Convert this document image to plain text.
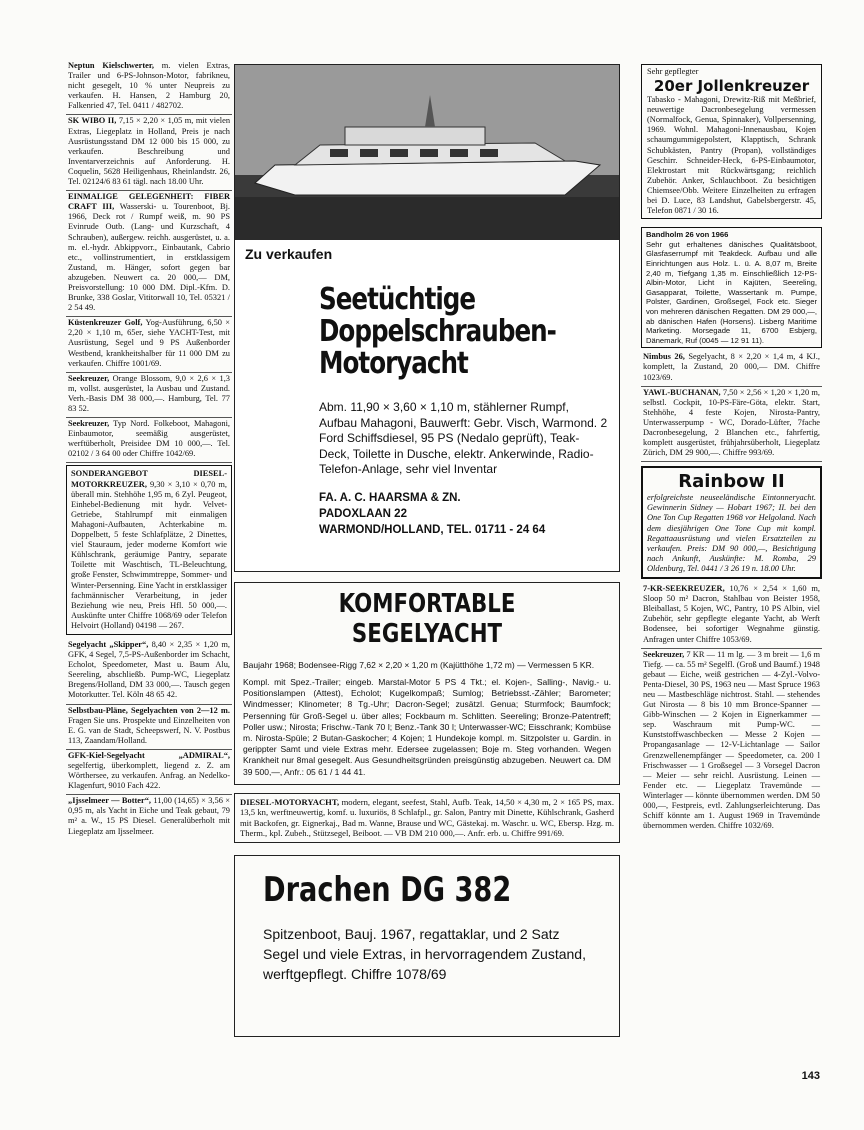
Neptun Kielschwerter, m. vielen Extras, Trailer und 6-PS-Johnson-Motor, fabrikneu, nicht gesegelt, 10 % unter Neupreis zu verkaufen. H. Hansen, 2 Hamburg 20, Falkenried 47, Tel. 0411 / 482702.
SK WIBO II, 7,15 × 2,20 × 1,05 m, mit vielen Extras, Liegeplatz in Holland, Preis je nach Ausrüstungsstand DM 12 000 bis 15 000, zu verkaufen. Beschreibung und Inventarverzeichnis auf Anforderung. H. Coquelin, 5628 Heiligenhaus, Rheinlandstr. 26, Tel. 02124/6 83 61 tägl. nach 18.00 Uhr.
EINMALIGE GELEGENHEIT: FIBER CRAFT III, Wasserski- u. Tourenboot, Bj. 1966, Deck rot / Rumpf weiß, m. 90 PS Evinrude Outb. (Lang- und Kurzschaft, 4 Schrauben), außergew. reichh. ausgerüstet, u. a. m. el.-hydr. Abkippvorr., Einbautank, Cabrio etc., vollinstrumentiert, in erstklassigem Zustand, m. Hänger, sofort gegen bar abzugeben. Neuwert ca. 20 000,— DM, Preisvorstellung: 10 000 DM. Dipl.-Kfm. D. Brunke, 338 Goslar, Vititorwall 10, Tel. 05321 / 2 54 49.
Küstenkreuzer Golf, Yog-Ausführung, 6,50 × 2,20 × 1,10 m, 65er, siehe YACHT-Test, mit Ausrüstung, Segel und 9 PS Außenborder Westbend, krankheitshalber für 11 000 DM zu verkaufen. Chiffre 1001/69.
Seekreuzer, Orange Blossom, 9,0 × 2,6 × 1,3 m, vollst. ausgerüstet, la Ausbau und Zustand. Verh.-Basis DM 38 000,—. Hamburg, Tel. 77 83 52.
Seekreuzer, Typ Nord. Folkeboot, Mahagoni, Einbaumotor, seemäßig ausgerüstet, werftüberholt, Preisidee DM 10 000,—. Tel. 02102 / 3 64 00 oder Chiffre 1042/69.
SONDERANGEBOT DIESEL-MOTORKREUZER, 9,30 × 3,10 × 0,70 m, überall min. Stehhöhe 1,95 m, 6 Zyl. Peugeot, Einhebel-Bedienung mit hydr. Velvet-Getriebe, Stahlrumpf mit einmaligen Mahagoni-Aufbauten, Achterkabine m. Doppelbett, 5 feste Schlafplätze, 2 Dinettes, viel Stauraum, jeder moderne Komfort wie Kühlschrank, geräumige Pantry, separate Toilette mit Waschtisch, TL-Beleuchtung, große Fenster, Schwimmtreppe, Sommer- und Winter-Persenning. Eine Yacht in erstklassiger fachmännischer Verarbeitung, in jeder Beziehung wie neu, Preis Hfl. 50 000,—. Auskünfte unter Chiffre 1068/69 oder Telefon Helvoirt (Holland) 04198 — 267.
Segelyacht „Skipper“, 8,40 × 2,35 × 1,20 m, GFK, 4 Segel, 7,5-PS-Außenborder im Schacht, Echolot, Speedometer, Mast u. Baum Alu, Seereling, abschließb. Pump-WC, Liegeplatz Bregens/Holland, DM 33 000,—. Tausch gegen Motorkutter. Tel. Köln 48 65 42.
Selbstbau-Pläne, Segelyachten von 2—12 m. Fragen Sie uns. Prospekte und Einzelheiten von E. G. van de Stadt, Scheepswerf, N. V. Postbus 113, Zaandam/Holland.
GFK-Kiel-Segelyacht „ADMIRAL“, segelfertig, überkomplett, liegend z. Z. am Wörthersee, zu verkaufen. Anfrag. an Nedelko-Klagenfurt, 9010 Fach 422.
„Ijsselmeer — Botter“, 11,00 (14,65) × 3,56 × 0,95 m, als Yacht in Eiche und Teak gebaut, 79 m² a. W., 15 PS Diesel. Generalüberholt mit Liegeplatz am Ijsselmeer.
Zu verkaufen
Seetüchtige Doppelschrauben-Motoryacht
Abm. 11,90 × 3,60 × 1,10 m, stählerner Rumpf, Aufbau Mahagoni, Bauwerft: Gebr. Visch, Warmond. 2 Ford Schiffsdiesel, 95 PS (Nedalo geprüft), Teak-Deck, Toilette in Dusche, elektr. Ankerwinde, Radio-Telefon-Anlage, sehr viel Inventar
FA. A. C. HAARSMA & ZN.
PADOXLAAN 22
WARMOND/HOLLAND, TEL. 01711 - 24 64
KOMFORTABLE SEGELYACHT
Baujahr 1968; Bodensee-Rigg 7,62 × 2,20 × 1,20 m (Kajütthöhe 1,72 m) — Vermessen 5 KR.
Kompl. mit Spez.-Trailer; eingeb. Marstal-Motor 5 PS 4 Tkt.; el. Kojen-, Salling-, Navig.- u. Positionslampen (Attest), Echolot; Kugelkompaß; Sumlog; Betriebsst.-Zähler; Barometer; Windmesser; Klinometer; 8 Tg.-Uhr; Dacron-Segel; zusätzl. Genua; Sturmfock; Baumfock; Persenning für Groß-Segel u. über alles; Fockbaum m. Schlitten. Seereling; Bronze-Patentreff; Poller usw.; Nirosta; Frischw.-Tank 70 l; Benz.-Tank 30 l; Unterwasser-WC; Eisschrank; Kombüse m. Nirosta-Spüle; 2 Butan-Gaskocher; 4 Kojen; 1 Hundekoje kompl. m. Sitzpolster u. Gardin. in gerippter Samt und viele Extras mehr. Edersee zugelassen; Boje m. Steg vorhanden. Wegen Krankheit nur 8mal gesegelt. Aus Gesundheitsgründen preisgünstig abzugeben. Neuwert ca. DM 39 500,—, Anfr.: 05 61 / 1 44 41.
DIESEL-MOTORYACHT, modern, elegant, seefest, Stahl, Aufb. Teak, 14,50 × 4,30 m, 2 × 165 PS, max. 13,5 kn, werftneuwertig, komf. u. luxuriös, 8 Schlafpl., gr. Salon, Pantry mit Dinette, Kühlschrank, Gasherd mit Backofen, gr. Eignerkaj., Bad m. Wanne, Brause und WC, Gästekaj. m. Waschr. u. WC, Ebersp. Hzg. m. Therm., kpl. Zubeh., Stützsegel, Beiboot. — VB DM 210 000,—. Anfr. erb. u. Chiffre 991/69.
Drachen DG 382
Spitzenboot, Bauj. 1967, regattaklar, und 2 Satz Segel und viele Extras, in hervorragendem Zustand, werftgepflegt. Chiffre 1078/69
Sehr gepflegter
20er Jollenkreuzer
Tabasko - Mahagoni, Drewitz-Riß mit Meßbrief, neuwertige Dacronbesegelung vermessen (Normalfock, Genua, Spinnaker), Vollpersenning, 1969. Wohnl. Mahagoni-Innenausbau, Kojen schaumgummigepolstert, Klapptisch, Schrank Schubkästen, Pantry (Propan), vollständiges Geschirr. Schneider-Heck, 6-PS-Einbaumotor, Elektrostart mit Rückwärtsgang; reichlich Zubehör. Anker, Schlauchboot. Zu besichtigen Chiemsee/Obb. Weitere Einzelheiten zu erfragen bei D. Luce, 83 Landshut, Gabelsbergerstr. 45, Telefon 0871 / 30 16.
Bandholm 26 von 1966
Sehr gut erhaltenes dänisches Qualitätsboot, Glasfaserrumpf mit Teakdeck. Aufbau und alle Einrichtungen aus Holz. L. ü. A. 8,07 m, Breite 2,40 m, Tiefgang 1,35 m. Einschließlich 12-PS-Albin-Motor, Licht in Kajüten, Seereling, Gasapparat, Toilette, Wassertank m. Pumpe, Polster, Gardinen, Großsegel, Fock etc. Sieger von mehreren dänischen Regatten. DM 29 000,—, ab dänischen Hafen (Horsens). Lisberg Maritime Marketing. Morsegade 11, 6700 Esbjerg, Dänemark, Ruf (0045 — 12 91 11).
Nimbus 26, Segelyacht, 8 × 2,20 × 1,4 m, 4 KJ., komplett, la Zustand, 20 000,— DM. Chiffre 1023/69.
YAWL-BUCHANAN, 7,50 × 2,56 × 1,20 × 1,20 m, selbstl. Cockpit, 10-PS-Färe-Göta, elektr. Start, Stehhöhe, 4 feste Kojen, Nirosta-Pantry, Unterwasserpump - WC, Dorado-Lüfter, 7fache Dacronbesegelung, 2 Blanchen etc., fahrfertig, komplett ausgerüstet, frühjahrsüberholt, Liegeplatz Zürich, DM 29 900,—. Chiffre 993/69.
Rainbow II
erfolgreichste neuseeländische Eintonneryacht. Gewinnerin Sidney — Hobart 1967; II. bei den One Ton Cup Regatten 1968 vor Helgoland. Nach dem diesjährigen One Tone Cup mit kompl. Regattaausrüstung und vielen Ersatzteilen zu verkaufen. Preis: DM 90 000,—, Besichtigung nach Ankunft, Auskünfte: M. Romba, 29 Oldenburg, Tel. 0441 / 3 26 19 n. 18.00 Uhr.
7-KR-SEEKREUZER, 10,76 × 2,54 × 1,60 m, Sloop 50 m² Dacron, Stahlbau von Beister 1958, Bleiballast, 5 Kojen, WC, Pantry, 10 PS Albin, viel Zubehör, sehr gepflegte elegante Yacht, ab Werft Bodensee, bei sofortiger Wegnahme günstig. Anfragen unter Chiffre 1053/69.
Seekreuzer, 7 KR — 11 m lg. — 3 m breit — 1,6 m Tiefg. — ca. 55 m² Segelfl. (Groß und Baumf.) 1948 gebaut — Eiche, weiß gestrichen — 4-Zyl.-Volvo-Penta-Diesel, 30 PS, 1963 neu — Mast Spruce 1963 neu — Mastbeschläge nichtrost. Stahl. — stehendes Gut Nirosta — 8 bis 10 mm Bronce-Spanner — Gibb-Winschen — 2 Kojen in Eignerkammer — sep. Waschraum mit Pump-WC. — Kunststoffwaschbecken — Messe 2 Kojen — Propangasanlage — 12-V-Lichtanlage — Sailor Grenzwellenempfänger — Speedometer, ca. 200 l Frischwasser — 1 Großsegel — 3 Vorsegel Dacron — Meier — sehr reichl. Ausrüstung. Leinen — Fender etc. — Liegeplatz Travemünde — Winterlager — könnte übernommen werden. DM 50 000,—, Festpreis, evtl. Zahlungserleichterung. Das Schiff könnte am 1. August 1969 in Travemünde übernommen werden. Chiffre 1032/69.
143
